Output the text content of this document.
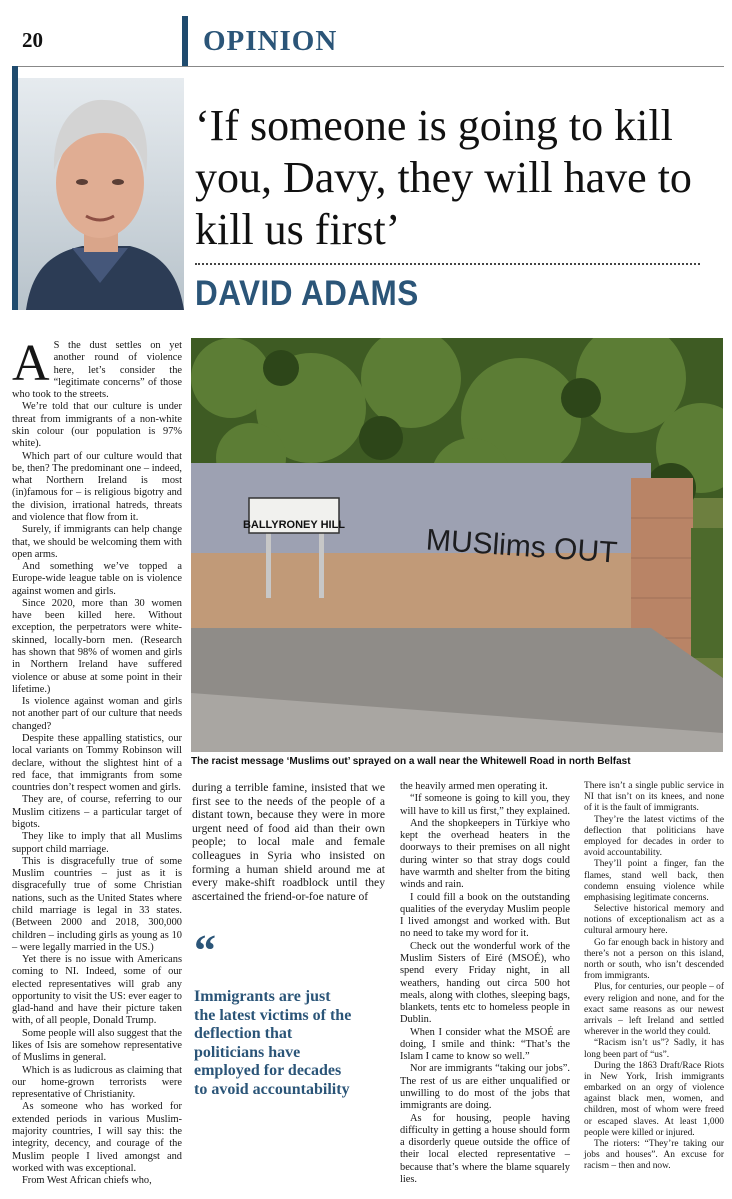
20	OPINION
‘If someone is going to kill you, Davy, they will have to kill us first’
DAVID ADAMS
BALLYRONEY HILL	MUSlims OUT
The racist message ‘Muslims out’ sprayed on a wall near the Whitewell Road in north Belfast

A S the dust settles on yet another round of violence here, let’s consider the “legitimate concerns” of those who took to the streets.

We’re told that our culture is under threat from immigrants of a non-white skin colour (our population is 97% white).

Which part of our culture would that be, then? The predominant one – indeed, what Northern Ireland is most (in)famous for – is religious bigotry and the division, irrational hatreds, threats and violence that flow from it.

Surely, if immigrants can help change that, we should be welcoming them with open arms.

And something we’ve topped a Europe-wide league table on is violence against women and girls.

Since 2020, more than 30 women have been killed here. Without exception, the perpetrators were white-skinned, locally-born men. (Research has shown that 98% of women and girls in Northern Ireland have suffered violence or abuse at some point in their lifetime.)

Is violence against woman and girls not another part of our culture that needs changed?

Despite these appalling statistics, our local variants on Tommy Robinson will declare, without the slightest hint of a red face, that immigrants from some countries don’t respect women and girls.

They are, of course, referring to our Muslim citizens – a particular target of bigots.

They like to imply that all Muslims support child marriage.

This is disgracefully true of some Muslim countries – just as it is disgracefully true of some Christian nations, such as the United States where child marriage is legal in 33 states. (Between 2000 and 2018, 300,000 children – including girls as young as 10 – were legally married in the US.)

Yet there is no issue with Americans coming to NI. Indeed, some of our elected representatives will grab any opportunity to visit the US: ever eager to glad-hand and have their picture taken with, of all people, Donald Trump.

Some people will also suggest that the likes of Isis are somehow representative of Muslims in general.

Which is as ludicrous as claiming that our home-grown terrorists were representative of Christianity.

As someone who has worked for extended periods in various Muslim-majority countries, I will say this: the integrity, decency, and courage of the Muslim people I lived amongst and worked with was exceptional.

From West African chiefs who,

during a terrible famine, insisted that we first see to the needs of the people of a distant town, because they were in more urgent need of food aid than their own people; to local male and female colleagues in Syria who insisted on forming a human shield around me at every make-shift roadblock until they ascertained the friend-or-foe nature of

the heavily armed men operating it.

“If someone is going to kill you, they will have to kill us first,” they explained.

And the shopkeepers in Türkiye who kept the overhead heaters in the doorways to their premises on all night during winter so that stray dogs could have warmth and shelter from the biting winds and rain.

I could fill a book on the outstanding qualities of the everyday Muslim people I lived amongst and worked with. But no need to take my word for it.

Check out the wonderful work of the Muslim Sisters of Eiré (MSOÉ), who spend every Friday night, in all weathers, handing out circa 500 hot meals, along with clothes, sleeping bags, blankets, tents etc to homeless people in Dublin.

When I consider what the MSOÉ are doing, I smile and think: “That’s the Islam I came to know so well.”

Nor are immigrants “taking our jobs”. The rest of us are either unqualified or unwilling to do most of the jobs that immigrants are doing.

As for housing, people having difficulty in getting a house should form a disorderly queue outside the office of their local elected representative – because that’s where the blame squarely lies.

There isn’t a single public service in NI that isn’t on its knees, and none of it is the fault of immigrants.

They’re the latest victims of the deflection that politicians have employed for decades in order to avoid accountability.

They’ll point a finger, fan the flames, stand well back, then condemn ensuing violence while emphasising legitimate concerns.

Selective historical memory and notions of exceptionalism act as a cultural armoury here.

Go far enough back in history and there’s not a person on this island, north or south, who isn’t descended from immigrants.

Plus, for centuries, our people – of every religion and none, and for the exact same reasons as our newest arrivals – left Ireland and settled wherever in the world they could.

“Racism isn’t us”? Sadly, it has long been part of “us”.

During the 1863 Draft/Race Riots in New York, Irish immigrants embarked on an orgy of violence against black men, women, and children, most of whom were freed or escaped slaves. At least 1,000 people were killed or injured.

The rioters: “They’re taking our jobs and houses”. An excuse for racism – then and now.

“
Immigrants are just the latest victims of the deflection that politicians have employed for decades to avoid accountability
